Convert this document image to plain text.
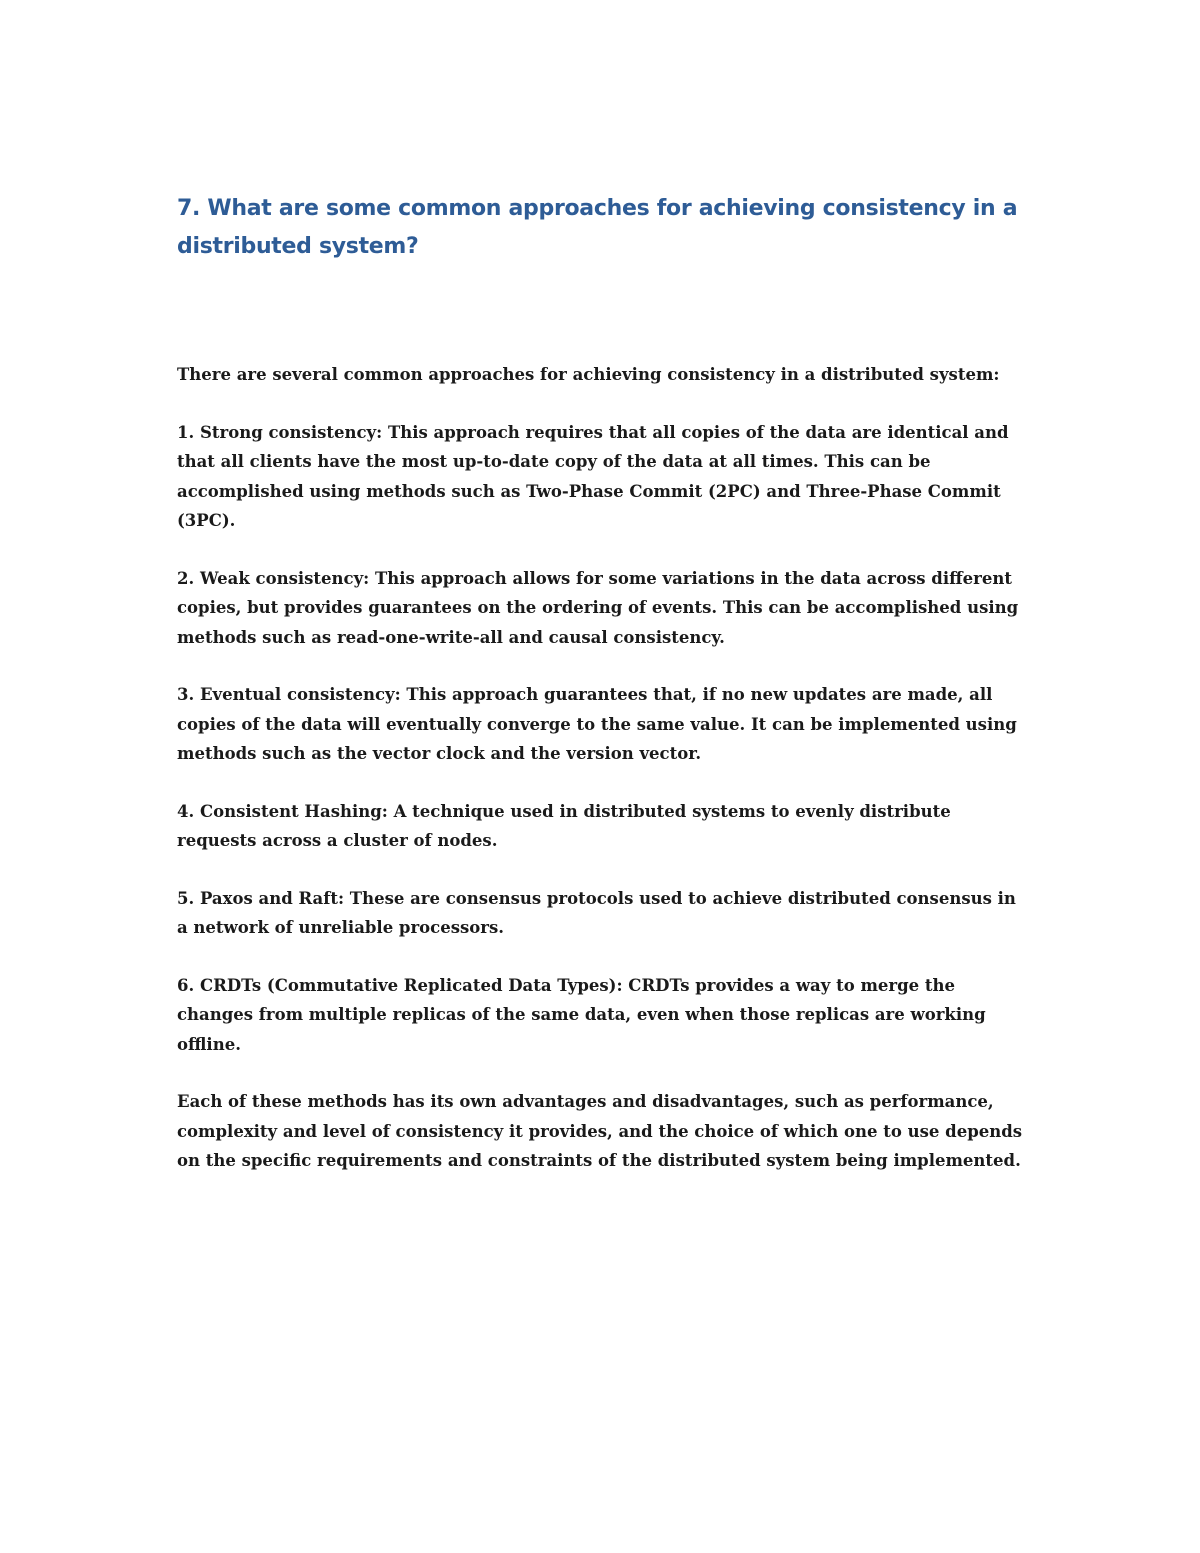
7. What are some common approaches for achieving consistency in a distributed system?

There are several common approaches for achieving consistency in a distributed system:

1. Strong consistency: This approach requires that all copies of the data are identical and that all clients have the most up-to-date copy of the data at all times. This can be accomplished using methods such as Two-Phase Commit (2PC) and Three-Phase Commit (3PC).

2. Weak consistency: This approach allows for some variations in the data across different copies, but provides guarantees on the ordering of events. This can be accomplished using methods such as read-one-write-all and causal consistency.

3. Eventual consistency: This approach guarantees that, if no new updates are made, all copies of the data will eventually converge to the same value. It can be implemented using methods such as the vector clock and the version vector.

4. Consistent Hashing: A technique used in distributed systems to evenly distribute requests across a cluster of nodes.

5. Paxos and Raft: These are consensus protocols used to achieve distributed consensus in a network of unreliable processors.

6. CRDTs (Commutative Replicated Data Types): CRDTs provides a way to merge the changes from multiple replicas of the same data, even when those replicas are working offline.

Each of these methods has its own advantages and disadvantages, such as performance, complexity and level of consistency it provides, and the choice of which one to use depends on the specific requirements and constraints of the distributed system being implemented.
